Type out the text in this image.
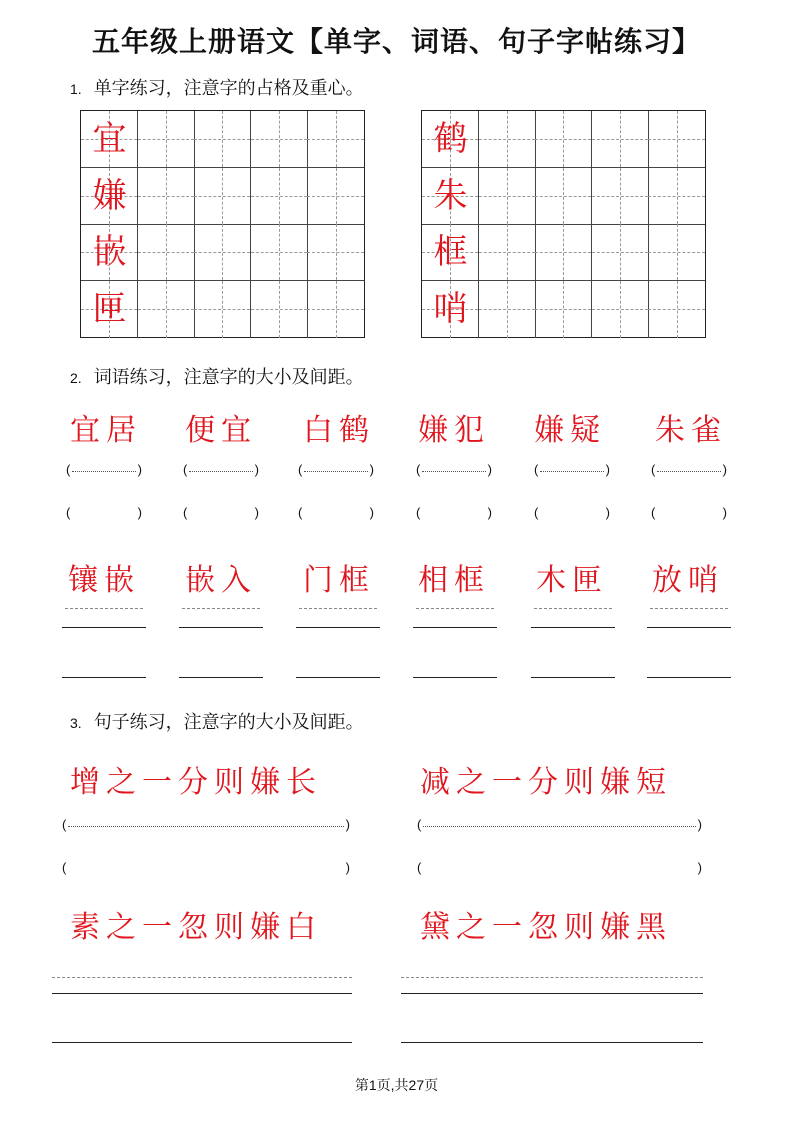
五年级上册语文【单字、词语、句子字帖练习】
1. 单字练习，注意字的占格及重心。
宜
嫌
嵌
匣
鹤
朱
框
哨
2. 词语练习，注意字的大小及间距。
宜居 便宜 白鹤 嫌犯 嫌疑 朱雀
(	)	(	)	(	)	(	)	(	)	(	)
(	)	(	)	(	)	(	)	(	)	(	)
镶嵌 嵌入 门框 相框 木匣 放哨
3. 句子练习，注意字的大小及间距。
增之一分则嫌长	减之一分则嫌短
(	)	(	)
(	)	(	)
素之一忽则嫌白	黛之一忽则嫌黑
第1页,共27页
